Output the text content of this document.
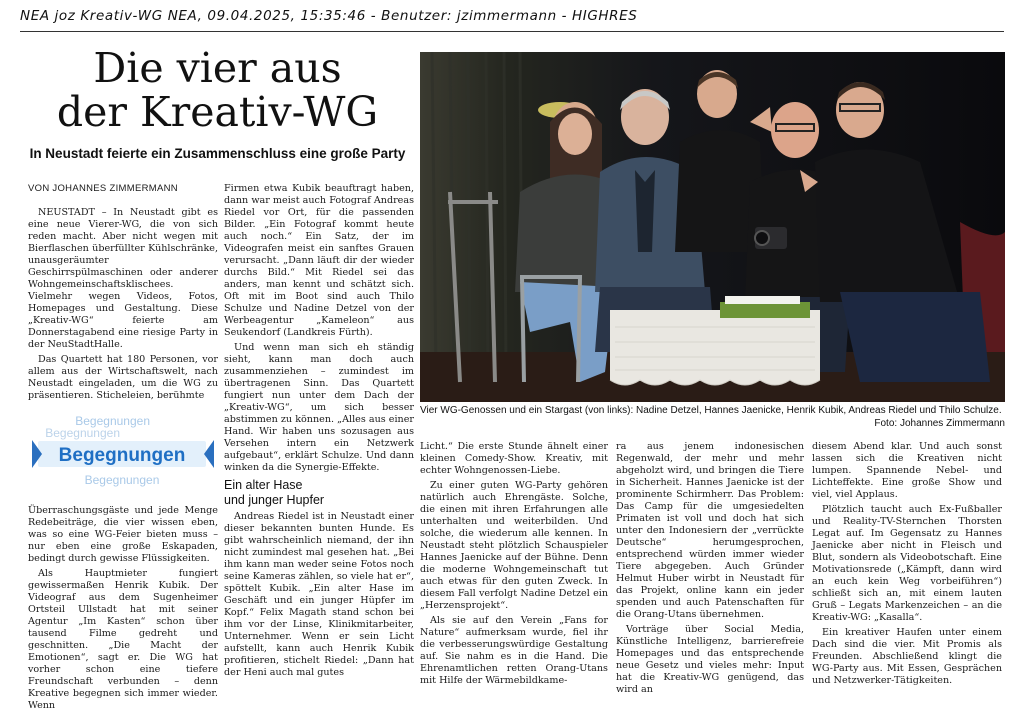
NEA joz Kreativ-WG NEA, 09.04.2025, 15:35:46 - Benutzer: jzimmermann - HIGHRES
Die vier aus
der Kreativ-WG
In Neustadt feierte ein Zusammenschluss eine große Party
VON JOHANNES ZIMMERMANN

NEUSTADT – In Neustadt gibt es eine neue Vierer-WG, die von sich reden macht. Aber nicht wegen mit Bierflaschen überfüllter Kühlschränke, unausgeräumter Geschirrspülmaschinen oder anderer Wohngemeinschaftsklischees. Vielmehr wegen Videos, Fotos, Homepages und Gestaltung. Diese „Kreativ-WG“ feierte am Donnerstagabend eine riesige Party in der NeuStadtHalle.

Das Quartett hat 180 Personen, vor allem aus der Wirtschaftswelt, nach Neustadt eingeladen, um die WG zu präsentieren. Sticheleien, berühmte

Begegnungen
Begegnungen
Begegnungen
Begegnungen

Überraschungsgäste und jede Menge Redebeiträge, die vier wissen eben, was so eine WG-Feier bieten muss – nur eben eine große Eskapaden, bedingt durch gewisse Flüssigkeiten.

Als Hauptmieter fungiert gewissermaßen Henrik Kubik. Der Videograf aus dem Sugenheimer Ortsteil Ullstadt hat mit seiner Agentur „Im Kasten“ schon über tausend Filme gedreht und geschnitten. „Die Macht der Emotionen“, sagt er. Die WG hat vorher schon eine tiefere Freundschaft verbunden – denn Kreative begegnen sich immer wieder. Wenn

Firmen etwa Kubik beauftragt haben, dann war meist auch Fotograf Andreas Riedel vor Ort, für die passenden Bilder. „Ein Fotograf kommt heute auch noch.“ Ein Satz, der im Videografen meist ein sanftes Grauen verursacht. „Dann läuft dir der wieder durchs Bild.“ Mit Riedel sei das anders, man kennt und schätzt sich. Oft mit im Boot sind auch Thilo Schulze und Nadine Detzel von der Werbeagentur „Kameleon“ aus Seukendorf (Landkreis Fürth).

Und wenn man sich eh ständig sieht, kann man doch auch zusammenziehen – zumindest im übertragenen Sinn. Das Quartett fungiert nun unter dem Dach der „Kreativ-WG“, um sich besser abstimmen zu können. „Alles aus einer Hand. Wir haben uns sozusagen aus Versehen intern ein Netzwerk aufgebaut“, erklärt Schulze. Und dann winken da die Synergie-Effekte.

Ein alter Hase
und junger Hupfer

Andreas Riedel ist in Neustadt einer dieser bekannten bunten Hunde. Es gibt wahrscheinlich niemand, der ihn nicht zumindest mal gesehen hat. „Bei ihm kann man weder seine Fotos noch seine Kameras zählen, so viele hat er“, spöttelt Kubik. „Ein alter Hase im Geschäft und ein junger Hüpfer im Kopf.“ Felix Magath stand schon bei ihm vor der Linse, Klinikmitarbeiter, Unternehmer. Wenn er sein Licht aufstellt, kann auch Henrik Kubik profitieren, stichelt Riedel: „Dann hat der Heni auch mal gutes

Vier WG-Genossen und ein Stargast (von links): Nadine Detzel, Hannes Jaenicke, Henrik Kubik, Andreas Riedel und Thilo Schulze.
Foto: Johannes Zimmermann

Licht.“ Die erste Stunde ähnelt einer kleinen Comedy-Show. Kreativ, mit echter Wohngenossen-Liebe.

Zu einer guten WG-Party gehören natürlich auch Ehrengäste. Solche, die einen mit ihren Erfahrungen alle unterhalten und weiterbilden. Und solche, die wiederum alle kennen. In Neustadt steht plötzlich Schauspieler Hannes Jaenicke auf der Bühne. Denn die moderne Wohngemeinschaft tut auch etwas für den guten Zweck. In diesem Fall verfolgt Nadine Detzel ein „Herzensprojekt“.

Als sie auf den Verein „Fans for Nature“ aufmerksam wurde, fiel ihr die verbesserungswürdige Gestaltung auf. Sie nahm es in die Hand. Die Ehrenamtlichen retten Orang-Utans mit Hilfe der Wärmebildkame-

ra aus jenem indonesischen Regenwald, der mehr und mehr abgeholzt wird, und bringen die Tiere in Sicherheit. Hannes Jaenicke ist der prominente Schirmherr. Das Problem: Das Camp für die umgesiedelten Primaten ist voll und doch hat sich unter den Indonesiern der „verrückte Deutsche“ herumgesprochen, entsprechend würden immer wieder Tiere abgegeben. Auch Gründer Helmut Huber wirbt in Neustadt für das Projekt, online kann ein jeder spenden und auch Patenschaften für die Orang-Utans übernehmen.

Vorträge über Social Media, Künstliche Intelligenz, barrierefreie Homepages und das entsprechende neue Gesetz und vieles mehr: Input hat die Kreativ-WG genügend, das wird an

diesem Abend klar. Und auch sonst lassen sich die Kreativen nicht lumpen. Spannende Nebel- und Lichteffekte. Eine große Show und viel, viel Applaus.

Plötzlich taucht auch Ex-Fußballer und Reality-TV-Sternchen Thorsten Legat auf. Im Gegensatz zu Hannes Jaenicke aber nicht in Fleisch und Blut, sondern als Videobotschaft. Eine Motivationsrede („Kämpft, dann wird an euch kein Weg vorbeiführen“) schließt sich an, mit einem lauten Gruß – Legats Markenzeichen – an die Kreativ-WG: „Kasalla“.

Ein kreativer Haufen unter einem Dach sind die vier. Mit Promis als Freunden. Abschließend klingt die WG-Party aus. Mit Essen, Gesprächen und Netzwerker-Tätigkeiten.
